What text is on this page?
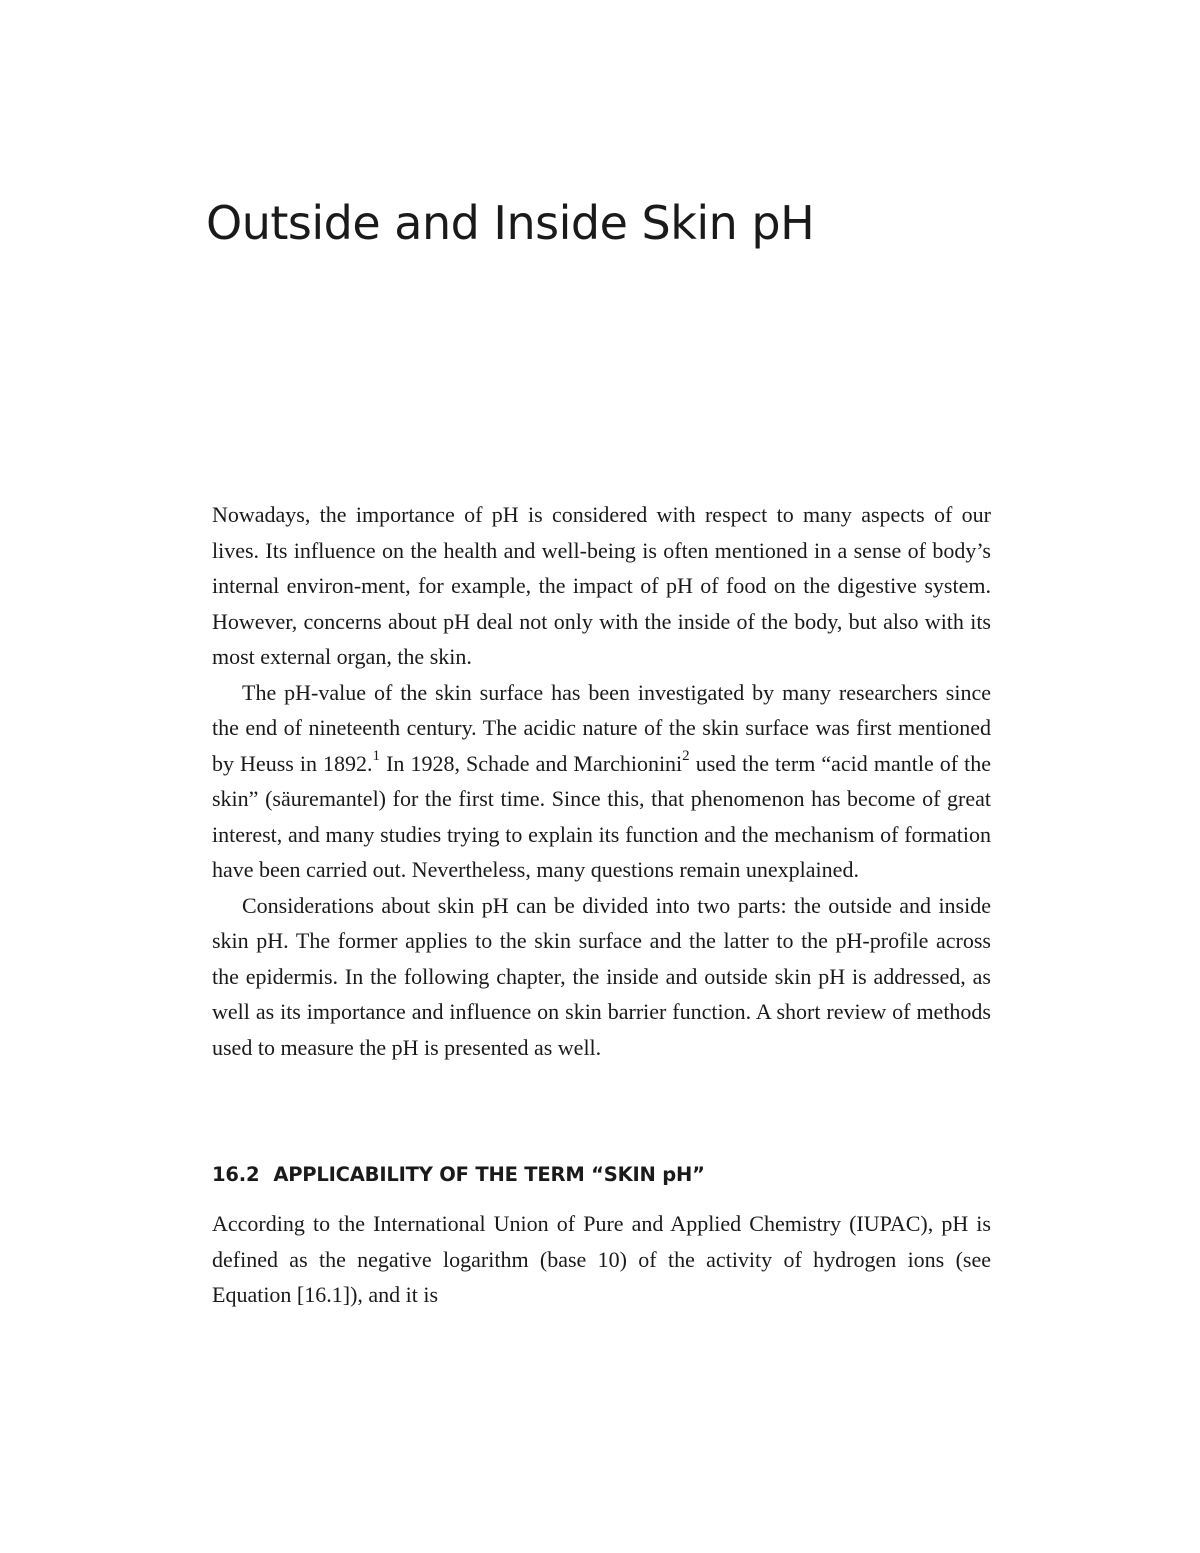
Outside and Inside Skin pH

Nowadays, the importance of pH is considered with respect to many aspects of our lives. Its influence on the health and well-being is often mentioned in a sense of body’s internal environ-ment, for example, the impact of pH of food on the digestive system. However, concerns about pH deal not only with the inside of the body, but also with its most external organ, the skin.

The pH-value of the skin surface has been investigated by many researchers since the end of nineteenth century. The acidic nature of the skin surface was first mentioned by Heuss in 1892.$^1$ In 1928, Schade and Marchionini$^2$ used the term “acid mantle of the skin” (säuremantel) for the first time. Since this, that phenomenon has become of great interest, and many studies trying to explain its function and the mechanism of formation have been carried out. Nevertheless, many questions remain unexplained.

Considerations about skin pH can be divided into two parts: the outside and inside skin pH. The former applies to the skin surface and the latter to the pH-profile across the epidermis. In the following chapter, the inside and outside skin pH is addressed, as well as its importance and influence on skin barrier function. A short review of methods used to measure the pH is presented as well.

16.2 APPLICABILITY OF THE TERM “SKIN pH”

According to the International Union of Pure and Applied Chemistry (IUPAC), pH is defined as the negative logarithm (base 10) of the activity of hydrogen ions (see Equation [16.1]), and it is
